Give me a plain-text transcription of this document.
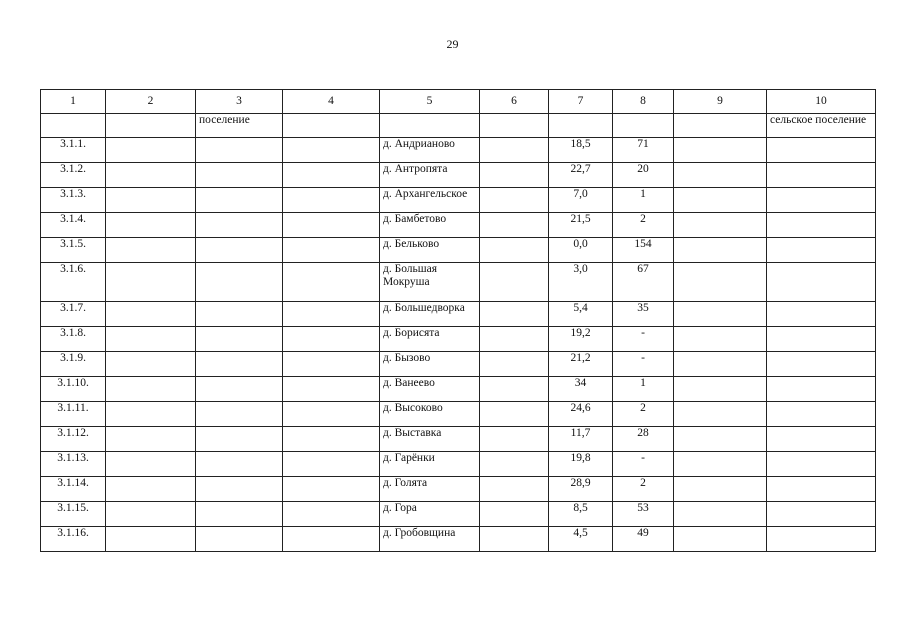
29
1	2	3	4	5	6	7	8	9	10
		поселение							сельское поселение
3.1.1.				д. Андрианово		18,5	71		
3.1.2.				д. Антропята		22,7	20		
3.1.3.				д. Архангельское		7,0	1		
3.1.4.				д. Бамбетово		21,5	2		
3.1.5.				д. Бельково		0,0	154		
3.1.6.				д. Большая Мокруша		3,0	67		
3.1.7.				д. Большедворка		5,4	35		
3.1.8.				д. Борисята		19,2	-		
3.1.9.				д. Бызово		21,2	-		
3.1.10.				д. Ванеево		34	1		
3.1.11.				д. Высоково		24,6	2		
3.1.12.				д. Выставка		11,7	28		
3.1.13.				д. Гарёнки		19,8	-		
3.1.14.				д. Голята		28,9	2		
3.1.15.				д. Гора		8,5	53		
3.1.16.				д. Гробовщина		4,5	49		
